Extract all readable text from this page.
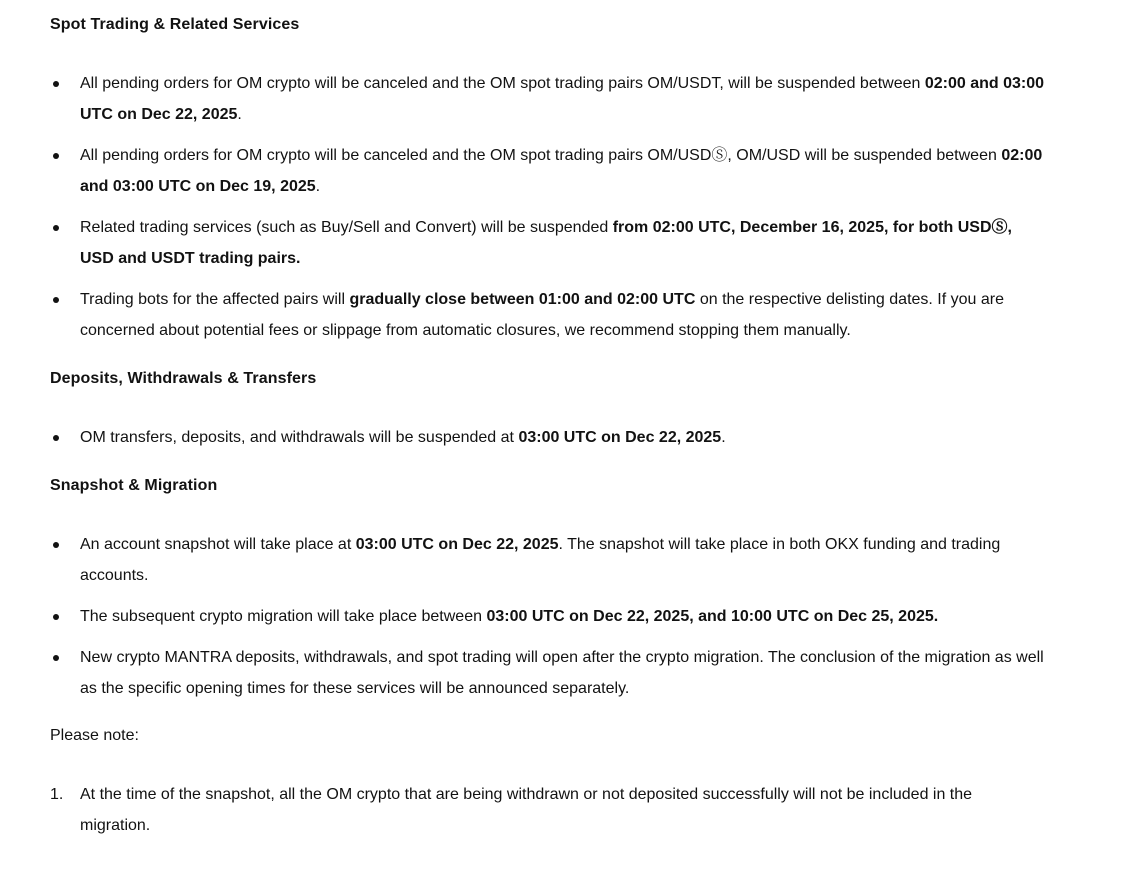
Spot Trading & Related Services
All pending orders for OM crypto will be canceled and the OM spot trading pairs OM/USDT, will be suspended between 02:00 and 03:00 UTC on Dec 22, 2025.
All pending orders for OM crypto will be canceled and the OM spot trading pairs OM/USDⓈ, OM/USD will be suspended between 02:00 and 03:00 UTC on Dec 19, 2025.
Related trading services (such as Buy/Sell and Convert) will be suspended from 02:00 UTC, December 16, 2025, for both USDⓈ, USD and USDT trading pairs.
Trading bots for the affected pairs will gradually close between 01:00 and 02:00 UTC on the respective delisting dates. If you are concerned about potential fees or slippage from automatic closures, we recommend stopping them manually.
Deposits, Withdrawals & Transfers
OM transfers, deposits, and withdrawals will be suspended at 03:00 UTC on Dec 22, 2025.
Snapshot & Migration
An account snapshot will take place at 03:00 UTC on Dec 22, 2025. The snapshot will take place in both OKX funding and trading accounts.
The subsequent crypto migration will take place between 03:00 UTC on Dec 22, 2025, and 10:00 UTC on Dec 25, 2025.
New crypto MANTRA deposits, withdrawals, and spot trading will open after the crypto migration. The conclusion of the migration as well as the specific opening times for these services will be announced separately.

Please note:

At the time of the snapshot, all the OM crypto that are being withdrawn or not deposited successfully will not be included in the migration.
